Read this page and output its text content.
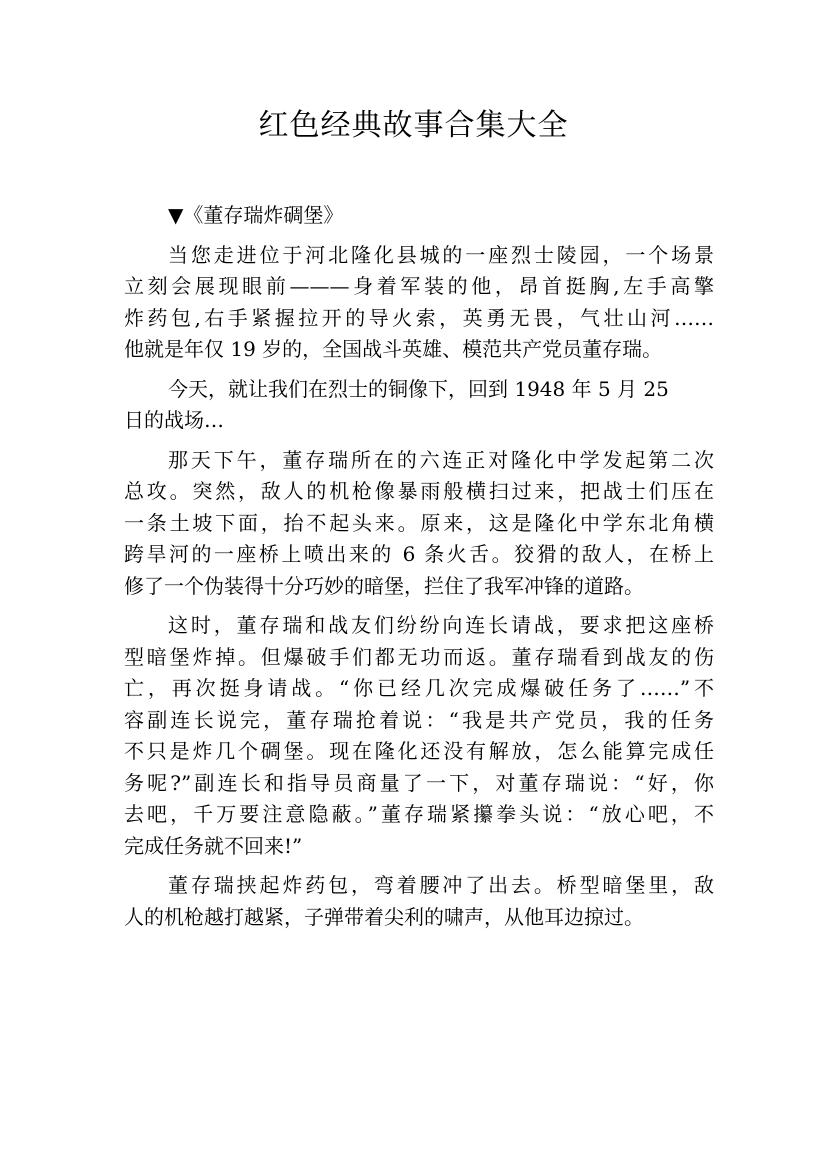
红色经典故事合集大全
▼《董存瑞炸碉堡》

当您走进位于河北隆化县城的一座烈士陵园，一个场景
立刻会展现眼前———身着军装的他，昂首挺胸,左手高擎
炸药包,右手紧握拉开的导火索，英勇无畏，气壮山河……
他就是年仅 19 岁的，全国战斗英雄、模范共产党员董存瑞。

今天，就让我们在烈士的铜像下，回到 1948 年 5 月 25
日的战场…

那天下午，董存瑞所在的六连正对隆化中学发起第二次
总攻。突然，敌人的机枪像暴雨般横扫过来，把战士们压在
一条土坡下面，抬不起头来。原来，这是隆化中学东北角横
跨旱河的一座桥上喷出来的 6 条火舌。狡猾的敌人，在桥上
修了一个伪装得十分巧妙的暗堡，拦住了我军冲锋的道路。

这时，董存瑞和战友们纷纷向连长请战，要求把这座桥
型暗堡炸掉。但爆破手们都无功而返。董存瑞看到战友的伤
亡，再次挺身请战。“你已经几次完成爆破任务了……”不
容副连长说完，董存瑞抢着说：“我是共产党员，我的任务
不只是炸几个碉堡。现在隆化还没有解放，怎么能算完成任
务呢?”副连长和指导员商量了一下，对董存瑞说：“好，你
去吧，千万要注意隐蔽。”董存瑞紧攥拳头说：“放心吧，不
完成任务就不回来!”

董存瑞挟起炸药包，弯着腰冲了出去。桥型暗堡里，敌
人的机枪越打越紧，子弹带着尖利的啸声，从他耳边掠过。
